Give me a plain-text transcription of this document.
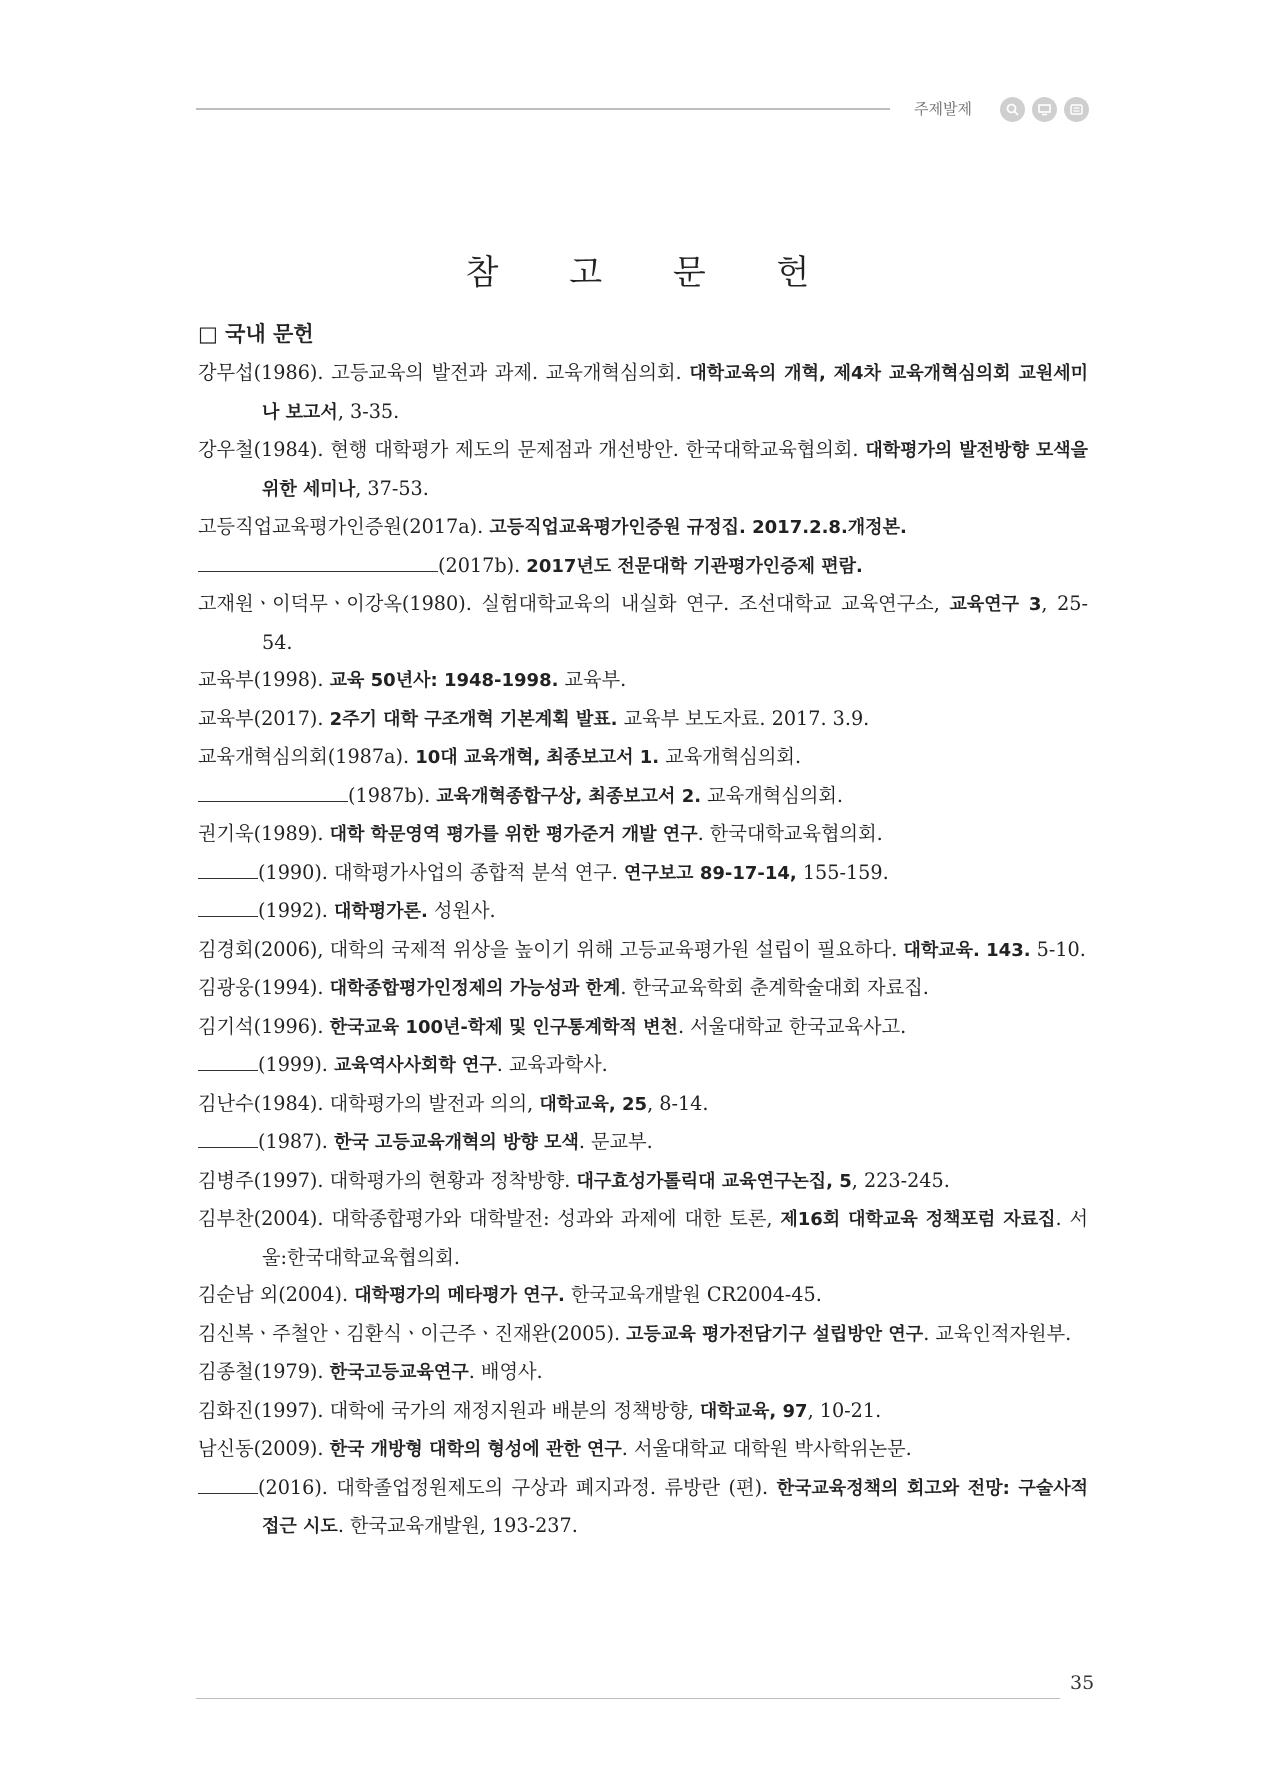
주제발제
참 고 문 헌
□ 국내 문헌
강무섭(1986). 고등교육의 발전과 과제. 교육개혁심의회. 대학교육의 개혁, 제4차 교육개혁심의회 교원세미나 보고서, 3-35.
강우철(1984). 현행 대학평가 제도의 문제점과 개선방안. 한국대학교육협의회. 대학평가의 발전방향 모색을 위한 세미나, 37-53.
고등직업교육평가인증원(2017a). 고등직업교육평가인증원 규정집. 2017.2.8.개정본.
(2017b). 2017년도 전문대학 기관평가인증제 편람.
고재원ㆍ이덕무ㆍ이강옥(1980). 실험대학교육의 내실화 연구. 조선대학교 교육연구소, 교육연구 3, 25-54.
교육부(1998). 교육 50년사: 1948-1998. 교육부.
교육부(2017). 2주기 대학 구조개혁 기본계획 발표. 교육부 보도자료. 2017. 3.9.
교육개혁심의회(1987a). 10대 교육개혁, 최종보고서 1. 교육개혁심의회.
(1987b). 교육개혁종합구상, 최종보고서 2. 교육개혁심의회.
권기욱(1989). 대학 학문영역 평가를 위한 평가준거 개발 연구. 한국대학교육협의회.
(1990). 대학평가사업의 종합적 분석 연구. 연구보고 89-17-14, 155-159.
(1992). 대학평가론. 성원사.
김경회(2006), 대학의 국제적 위상을 높이기 위해 고등교육평가원 설립이 필요하다. 대학교육. 143. 5-10.
김광웅(1994). 대학종합평가인정제의 가능성과 한계. 한국교육학회 춘계학술대회 자료집.
김기석(1996). 한국교육 100년-학제 및 인구통계학적 변천. 서울대학교 한국교육사고.
(1999). 교육역사사회학 연구. 교육과학사.
김난수(1984). 대학평가의 발전과 의의, 대학교육, 25, 8-14.
(1987). 한국 고등교육개혁의 방향 모색. 문교부.
김병주(1997). 대학평가의 현황과 정착방향. 대구효성가톨릭대 교육연구논집, 5, 223-245.
김부찬(2004). 대학종합평가와 대학발전: 성과와 과제에 대한 토론, 제16회 대학교육 정책포럼 자료집. 서울:한국대학교육협의회.
김순남 외(2004). 대학평가의 메타평가 연구. 한국교육개발원 CR2004-45.
김신복ㆍ주철안ㆍ김환식ㆍ이근주ㆍ진재완(2005). 고등교육 평가전담기구 설립방안 연구. 교육인적자원부.
김종철(1979). 한국고등교육연구. 배영사.
김화진(1997). 대학에 국가의 재정지원과 배분의 정책방향, 대학교육, 97, 10-21.
남신동(2009). 한국 개방형 대학의 형성에 관한 연구. 서울대학교 대학원 박사학위논문.
(2016). 대학졸업정원제도의 구상과 폐지과정. 류방란 (편). 한국교육정책의 회고와 전망: 구술사적 접근 시도. 한국교육개발원, 193-237.
35
